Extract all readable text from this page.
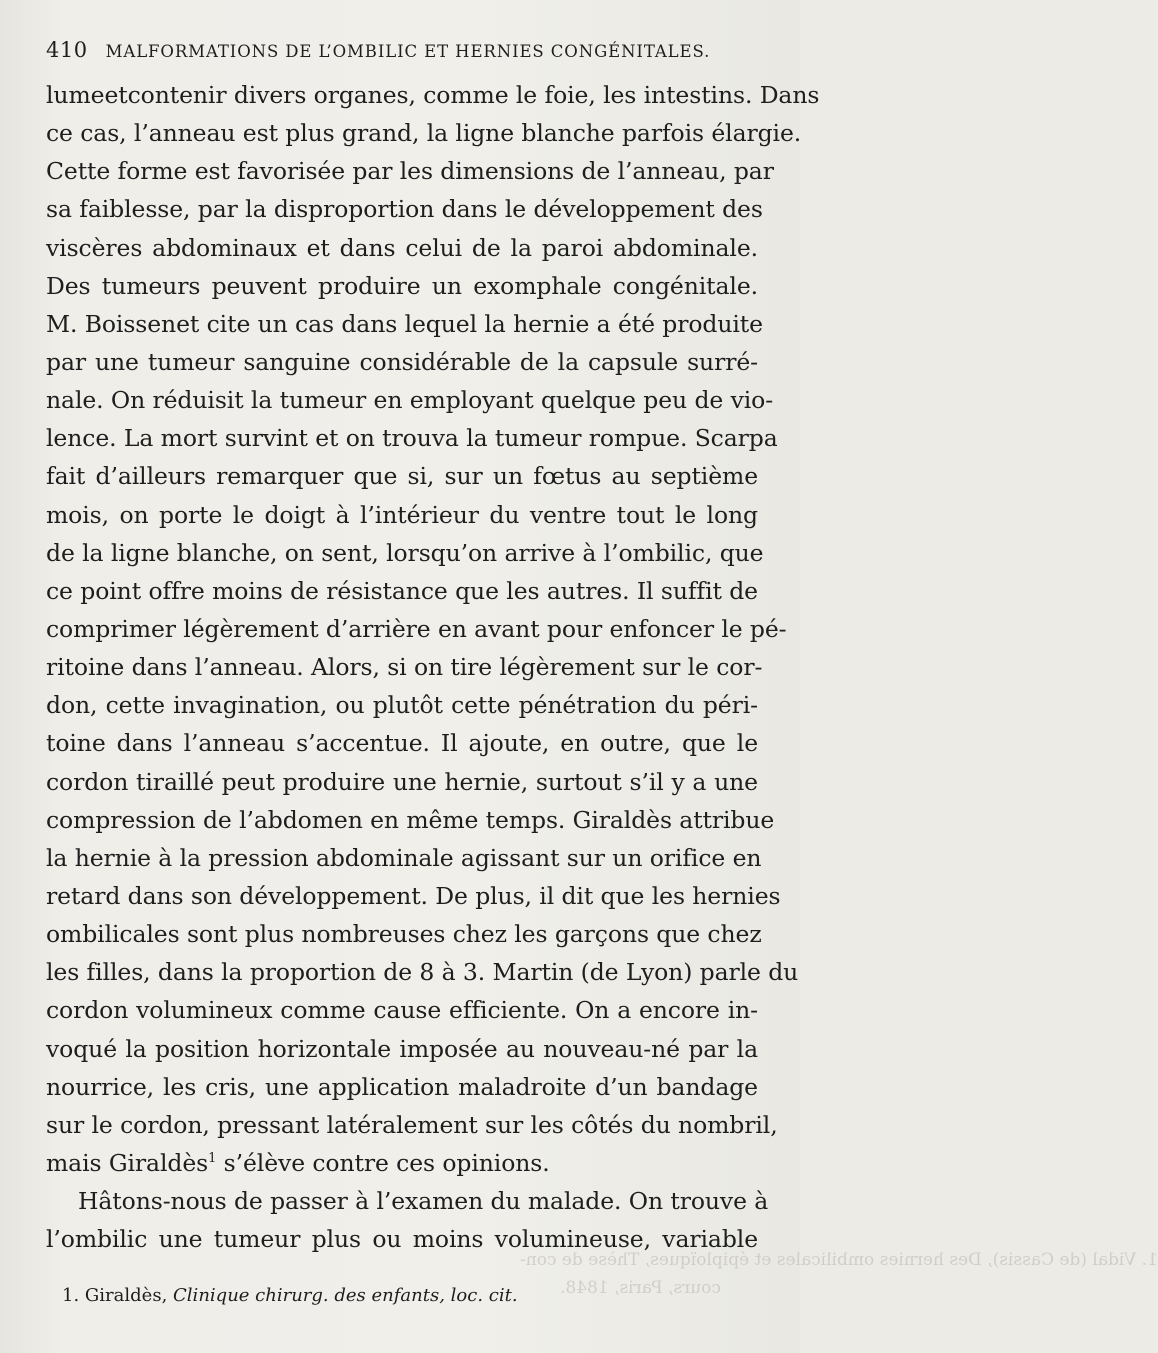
410 MALFORMATIONS DE L’OMBILIC ET HERNIES CONGÉNITALES.
lumeetcontenir divers organes, comme le foie, les intestins. Dans
ce cas, l’anneau est plus grand, la ligne blanche parfois élargie.
Cette forme est favorisée par les dimensions de l’anneau, par
sa faiblesse, par la disproportion dans le développement des
viscères abdominaux et dans celui de la paroi abdominale.
Des tumeurs peuvent produire un exomphale congénitale.
M. Boissenet cite un cas dans lequel la hernie a été produite
par une tumeur sanguine considérable de la capsule surré-
nale. On réduisit la tumeur en employant quelque peu de vio-
lence. La mort survint et on trouva la tumeur rompue. Scarpa
fait d’ailleurs remarquer que si, sur un fœtus au septième
mois, on porte le doigt à l’intérieur du ventre tout le long
de la ligne blanche, on sent, lorsqu’on arrive à l’ombilic, que
ce point offre moins de résistance que les autres. Il suffit de
comprimer légèrement d’arrière en avant pour enfoncer le pé-
ritoine dans l’anneau. Alors, si on tire légèrement sur le cor-
don, cette invagination, ou plutôt cette pénétration du péri-
toine dans l’anneau s’accentue. Il ajoute, en outre, que le
cordon tiraillé peut produire une hernie, surtout s’il y a une
compression de l’abdomen en même temps. Giraldès attribue
la hernie à la pression abdominale agissant sur un orifice en
retard dans son développement. De plus, il dit que les hernies
ombilicales sont plus nombreuses chez les garçons que chez
les filles, dans la proportion de 8 à 3. Martin (de Lyon) parle du
cordon volumineux comme cause efficiente. On a encore in-
voqué la position horizontale imposée au nouveau-né par la
nourrice, les cris, une application maladroite d’un bandage
sur le cordon, pressant latéralement sur les côtés du nombril,
mais Giraldès$^1$ s’élève contre ces opinions.
Hâtons-nous de passer à l’examen du malade. On trouve à
l’ombilic une tumeur plus ou moins volumineuse, variable
1. Vidal (de Cassis), Des hernies ombilicales et épiploïques, Thèse de con-
cours, Paris, 1848.
1. Giraldès, Clinique chirurg. des enfants, loc. cit.
